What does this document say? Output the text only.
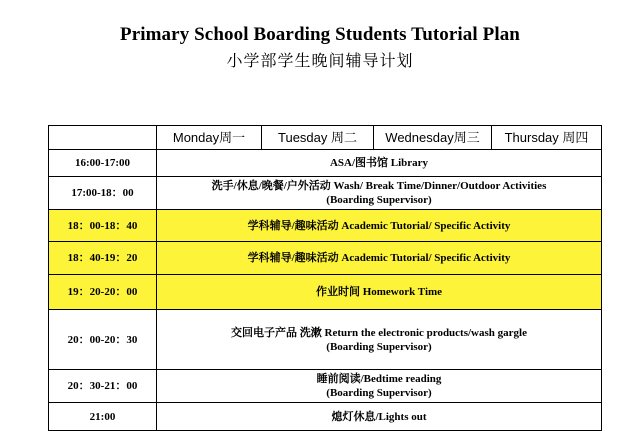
Primary School Boarding Students Tutorial Plan
小学部学生晚间辅导计划
	Monday周一	Tuesday 周二	Wednesday周三	Thursday 周四
16:00-17:00	ASA/图书馆 Library			

17:00-18：00	洗手/休息/晚餐/户外活动 Wash/ Break Time/Dinner/Outdoor Activities
(Boarding Supervisor)			

18：00-18：40	学科辅导/趣味活动 Academic Tutorial/ Specific Activity			

18：40-19：20	学科辅导/趣味活动 Academic Tutorial/ Specific Activity			

19：20-20：00	作业时间 Homework Time			

20：00-20：30	交回电子产品 洗漱 Return the electronic products/wash gargle
(Boarding Supervisor)			

20：30-21：00	睡前阅读/Bedtime reading
(Boarding Supervisor)			

21:00	熄灯休息/Lights out			
